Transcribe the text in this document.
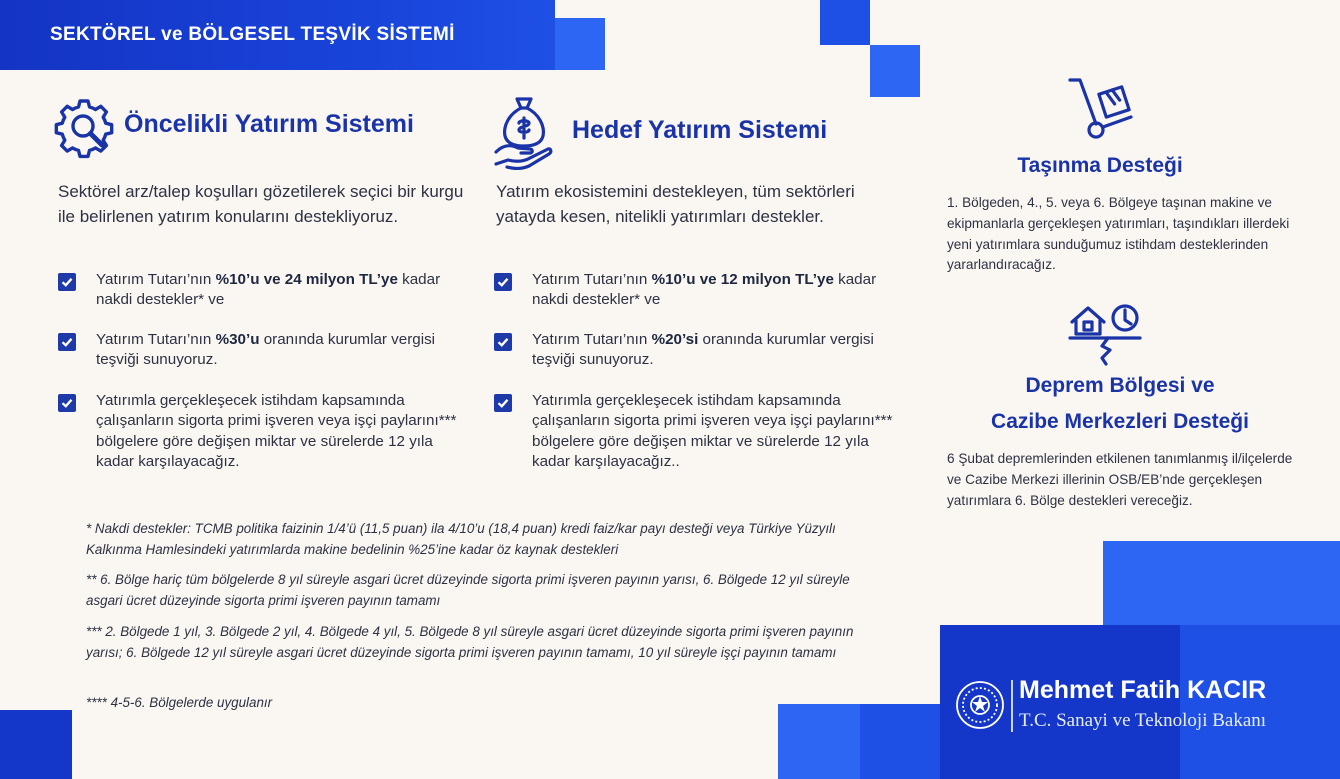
SEKTÖREL ve BÖLGESEL TEŞVİK SİSTEMİ
Öncelikli Yatırım Sistemi
Sektörel arz/talep koşulları gözetilerek seçici bir kurgu ile belirlenen yatırım konularını destekliyoruz.
Yatırım Tutarı’nın %10’u ve 24 milyon TL’ye kadar nakdi destekler* ve
Yatırım Tutarı’nın %30’u oranında kurumlar vergisi teşviği sunuyoruz.
Yatırımla gerçekleşecek istihdam kapsamında çalışanların sigorta primi işveren veya işçi paylarını*** bölgelere göre değişen miktar ve sürelerde 12 yıla kadar karşılayacağız.
Hedef Yatırım Sistemi
Yatırım ekosistemini destekleyen, tüm sektörleri yatayda kesen, nitelikli yatırımları destekler.
Yatırım Tutarı’nın %10’u ve 12 milyon TL’ye kadar nakdi destekler* ve
Yatırım Tutarı’nın %20’si oranında kurumlar vergisi teşviği sunuyoruz.
Yatırımla gerçekleşecek istihdam kapsamında çalışanların sigorta primi işveren veya işçi paylarını*** bölgelere göre değişen miktar ve sürelerde 12 yıla kadar karşılayacağız..
Taşınma Desteği
1. Bölgeden, 4., 5. veya 6. Bölgeye taşınan makine ve ekipmanlarla gerçekleşen yatırımları, taşındıkları illerdeki yeni yatırımlara sunduğumuz istihdam desteklerinden yararlandıracağız.
Deprem Bölgesi ve
Cazibe Merkezleri Desteği
6 Şubat depremlerinden etkilenen tanımlanmış il/ilçelerde ve Cazibe Merkezi illerinin OSB/EB’nde gerçekleşen yatırımlara 6. Bölge destekleri vereceğiz.
* Nakdi destekler: TCMB politika faizinin 1/4’ü (11,5 puan) ila 4/10’u (18,4 puan) kredi faiz/kar payı desteği veya Türkiye Yüzyılı Kalkınma Hamlesindeki yatırımlarda makine bedelinin %25’ine kadar öz kaynak destekleri
** 6. Bölge hariç tüm bölgelerde 8 yıl süreyle asgari ücret düzeyinde sigorta primi işveren payının yarısı, 6. Bölgede 12 yıl süreyle asgari ücret düzeyinde sigorta primi işveren payının tamamı
*** 2. Bölgede 1 yıl, 3. Bölgede 2 yıl, 4. Bölgede 4 yıl, 5. Bölgede 8 yıl süreyle asgari ücret düzeyinde sigorta primi işveren payının yarısı; 6. Bölgede 12 yıl süreyle asgari ücret düzeyinde sigorta primi işveren payının tamamı, 10 yıl süreyle işçi payının tamamı
**** 4-5-6. Bölgelerde uygulanır	Mehmet Fatih KACIR
T.C. Sanayi ve Teknoloji Bakanı
